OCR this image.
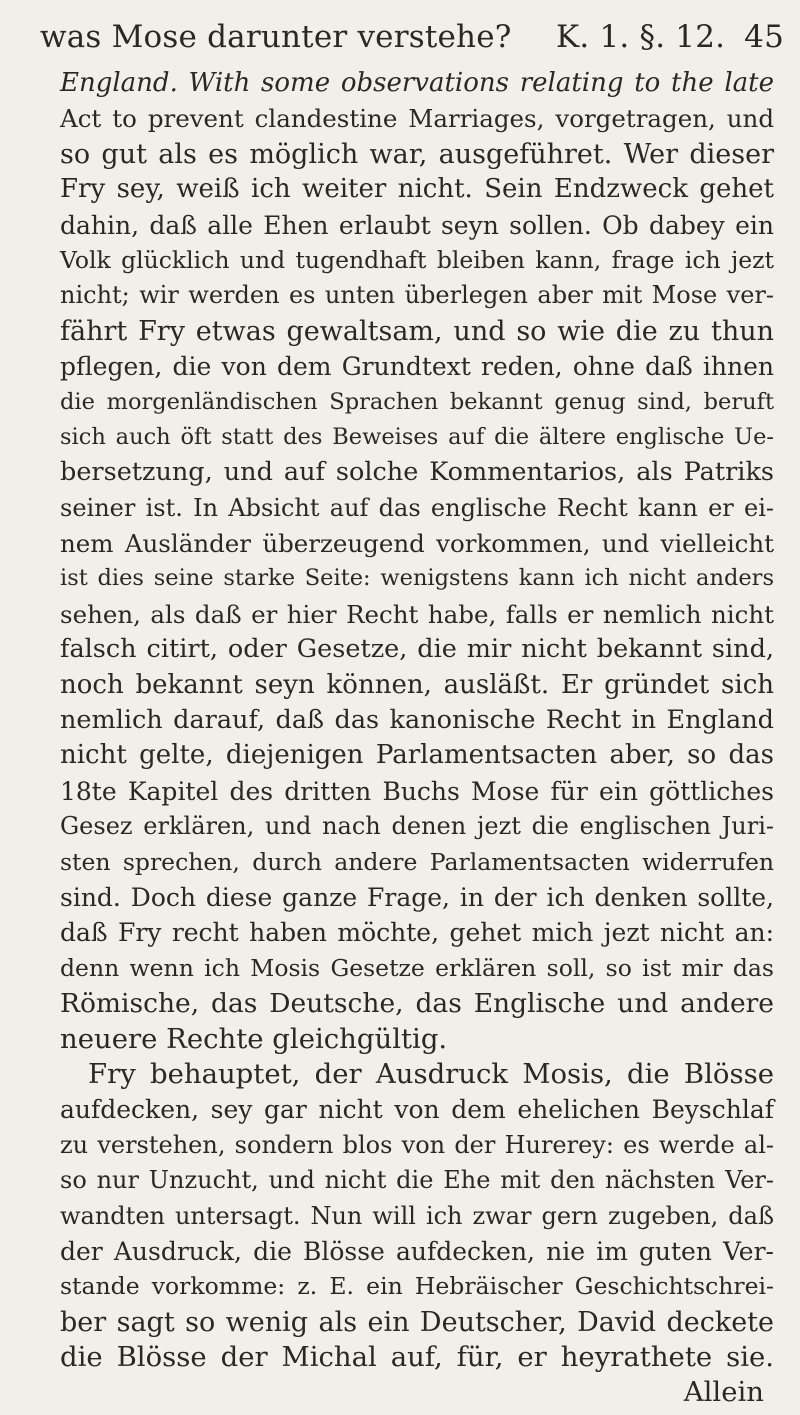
was Mose darunter verstehe? K. 1. §. 12. 45
England. With some observations relating to the late
Act to prevent clandestine Marriages, vorgetragen, und
so gut als es möglich war, ausgeführet. Wer dieser
Fry sey, weiß ich weiter nicht. Sein Endzweck gehet
dahin, daß alle Ehen erlaubt seyn sollen. Ob dabey ein
Volk glücklich und tugendhaft bleiben kann, frage ich jezt
nicht; wir werden es unten überlegen aber mit Mose ver-
fährt Fry etwas gewaltsam, und so wie die zu thun
pflegen, die von dem Grundtext reden, ohne daß ihnen
die morgenländischen Sprachen bekannt genug sind, beruft
sich auch öft statt des Beweises auf die ältere englische Ue-
bersetzung, und auf solche Kommentarios, als Patriks
seiner ist. In Absicht auf das englische Recht kann er ei-
nem Ausländer überzeugend vorkommen, und vielleicht
ist dies seine starke Seite: wenigstens kann ich nicht anders
sehen, als daß er hier Recht habe, falls er nemlich nicht
falsch citirt, oder Gesetze, die mir nicht bekannt sind,
noch bekannt seyn können, ausläßt. Er gründet sich
nemlich darauf, daß das kanonische Recht in England
nicht gelte, diejenigen Parlamentsacten aber, so das
18te Kapitel des dritten Buchs Mose für ein göttliches
Gesez erklären, und nach denen jezt die englischen Juri-
sten sprechen, durch andere Parlamentsacten widerrufen
sind. Doch diese ganze Frage, in der ich denken sollte,
daß Fry recht haben möchte, gehet mich jezt nicht an:
denn wenn ich Mosis Gesetze erklären soll, so ist mir das
Römische, das Deutsche, das Englische und andere
neuere Rechte gleichgültig.
Fry behauptet, der Ausdruck Mosis, die Blösse
aufdecken, sey gar nicht von dem ehelichen Beyschlaf
zu verstehen, sondern blos von der Hurerey: es werde al-
so nur Unzucht, und nicht die Ehe mit den nächsten Ver-
wandten untersagt. Nun will ich zwar gern zugeben, daß
der Ausdruck, die Blösse aufdecken, nie im guten Ver-
stande vorkomme: z. E. ein Hebräischer Geschichtschrei-
ber sagt so wenig als ein Deutscher, David deckete
die Blösse der Michal auf, für, er heyrathete sie.
Allein
